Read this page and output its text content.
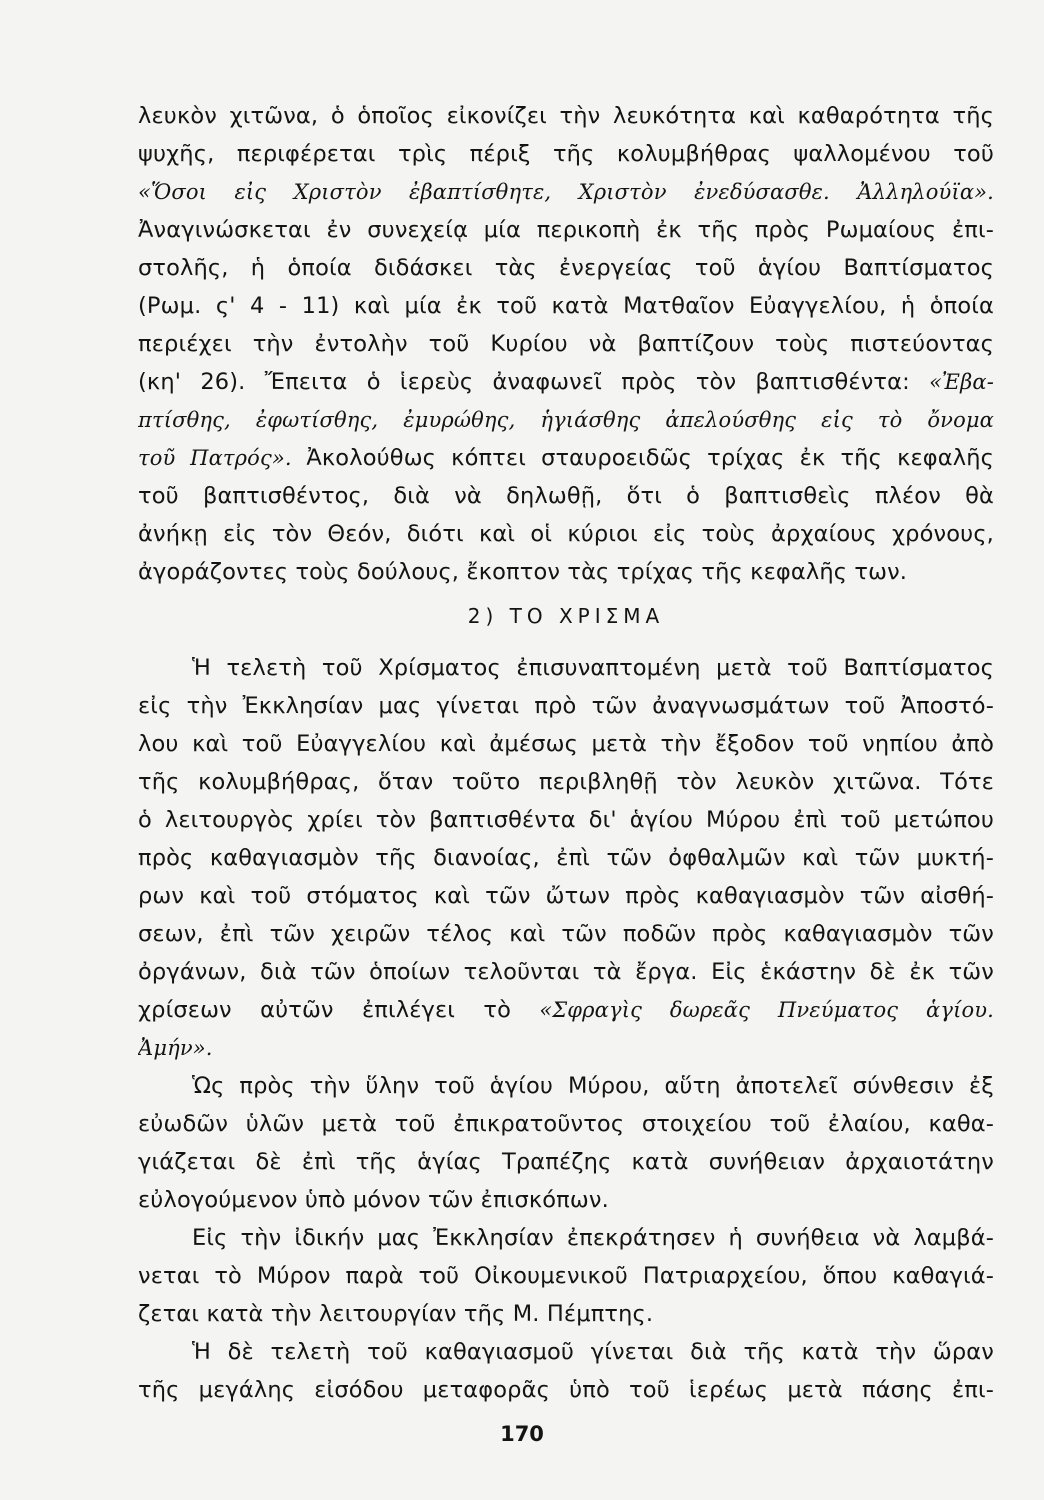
λευκὸν χιτῶνα, ὁ ὁποῖος εἰκονίζει τὴν λευκότητα καὶ καθαρότητα τῆς
ψυχῆς, περιφέρεται τρὶς πέριξ τῆς κολυμβήθρας ψαλλομένου τοῦ
«Ὅσοι εἰς Χριστὸν ἐβαπτίσθητε, Χριστὸν ἐνεδύσασθε. Ἀλληλούϊα».
Ἀναγινώσκεται ἐν συνεχείᾳ μία περικοπὴ ἐκ τῆς πρὸς Ρωμαίους ἐπι-
στολῆς, ἡ ὁποία διδάσκει τὰς ἐνεργείας τοῦ ἁγίου Βαπτίσματος
(Ρωμ. ς' 4 - 11) καὶ μία ἐκ τοῦ κατὰ Ματθαῖον Εὐαγγελίου, ἡ ὁποία
περιέχει τὴν ἐντολὴν τοῦ Κυρίου νὰ βαπτίζουν τοὺς πιστεύοντας
(κη' 26). Ἔπειτα ὁ ἱερεὺς ἀναφωνεῖ πρὸς τὸν βαπτισθέντα: «Ἐβα-
πτίσθης, ἐφωτίσθης, ἐμυρώθης, ἡγιάσθης ἀπελούσθης εἰς τὸ ὄνομα
τοῦ Πατρός». Ἀκολούθως κόπτει σταυροειδῶς τρίχας ἐκ τῆς κεφαλῆς
τοῦ βαπτισθέντος, διὰ νὰ δηλωθῇ, ὅτι ὁ βαπτισθεὶς πλέον θὰ
ἀνήκῃ εἰς τὸν Θεόν, διότι καὶ οἱ κύριοι εἰς τοὺς ἀρχαίους χρόνους,
ἀγοράζοντες τοὺς δούλους, ἔκοπτον τὰς τρίχας τῆς κεφαλῆς των.
2) ΤΟ ΧΡΙΣΜΑ
Ἡ τελετὴ τοῦ Χρίσματος ἐπισυναπτομένη μετὰ τοῦ Βαπτίσματος
εἰς τὴν Ἐκκλησίαν μας γίνεται πρὸ τῶν ἀναγνωσμάτων τοῦ Ἀποστό-
λου καὶ τοῦ Εὐαγγελίου καὶ ἀμέσως μετὰ τὴν ἔξοδον τοῦ νηπίου ἀπὸ
τῆς κολυμβήθρας, ὅταν τοῦτο περιβληθῇ τὸν λευκὸν χιτῶνα. Τότε
ὁ λειτουργὸς χρίει τὸν βαπτισθέντα δι' ἁγίου Μύρου ἐπὶ τοῦ μετώπου
πρὸς καθαγιασμὸν τῆς διανοίας, ἐπὶ τῶν ὀφθαλμῶν καὶ τῶν μυκτή-
ρων καὶ τοῦ στόματος καὶ τῶν ὤτων πρὸς καθαγιασμὸν τῶν αἰσθή-
σεων, ἐπὶ τῶν χειρῶν τέλος καὶ τῶν ποδῶν πρὸς καθαγιασμὸν τῶν
ὀργάνων, διὰ τῶν ὁποίων τελοῦνται τὰ ἔργα. Εἰς ἑκάστην δὲ ἐκ τῶν
χρίσεων αὐτῶν ἐπιλέγει τὸ «Σφραγὶς δωρεᾶς Πνεύματος ἁγίου.
Ἀμήν».
Ὡς πρὸς τὴν ὕλην τοῦ ἁγίου Μύρου, αὕτη ἀποτελεῖ σύνθεσιν ἐξ
εὐωδῶν ὑλῶν μετὰ τοῦ ἐπικρατοῦντος στοιχείου τοῦ ἐλαίου, καθα-
γιάζεται δὲ ἐπὶ τῆς ἁγίας Τραπέζης κατὰ συνήθειαν ἀρχαιοτάτην
εὐλογούμενον ὑπὸ μόνον τῶν ἐπισκόπων.
Εἰς τὴν ἰδικήν μας Ἐκκλησίαν ἐπεκράτησεν ἡ συνήθεια νὰ λαμβά-
νεται τὸ Μύρον παρὰ τοῦ Οἰκουμενικοῦ Πατριαρχείου, ὅπου καθαγιά-
ζεται κατὰ τὴν λειτουργίαν τῆς Μ. Πέμπτης.
Ἡ δὲ τελετὴ τοῦ καθαγιασμοῦ γίνεται διὰ τῆς κατὰ τὴν ὥραν
τῆς μεγάλης εἰσόδου μεταφορᾶς ὑπὸ τοῦ ἱερέως μετὰ πάσης ἐπι-
170
